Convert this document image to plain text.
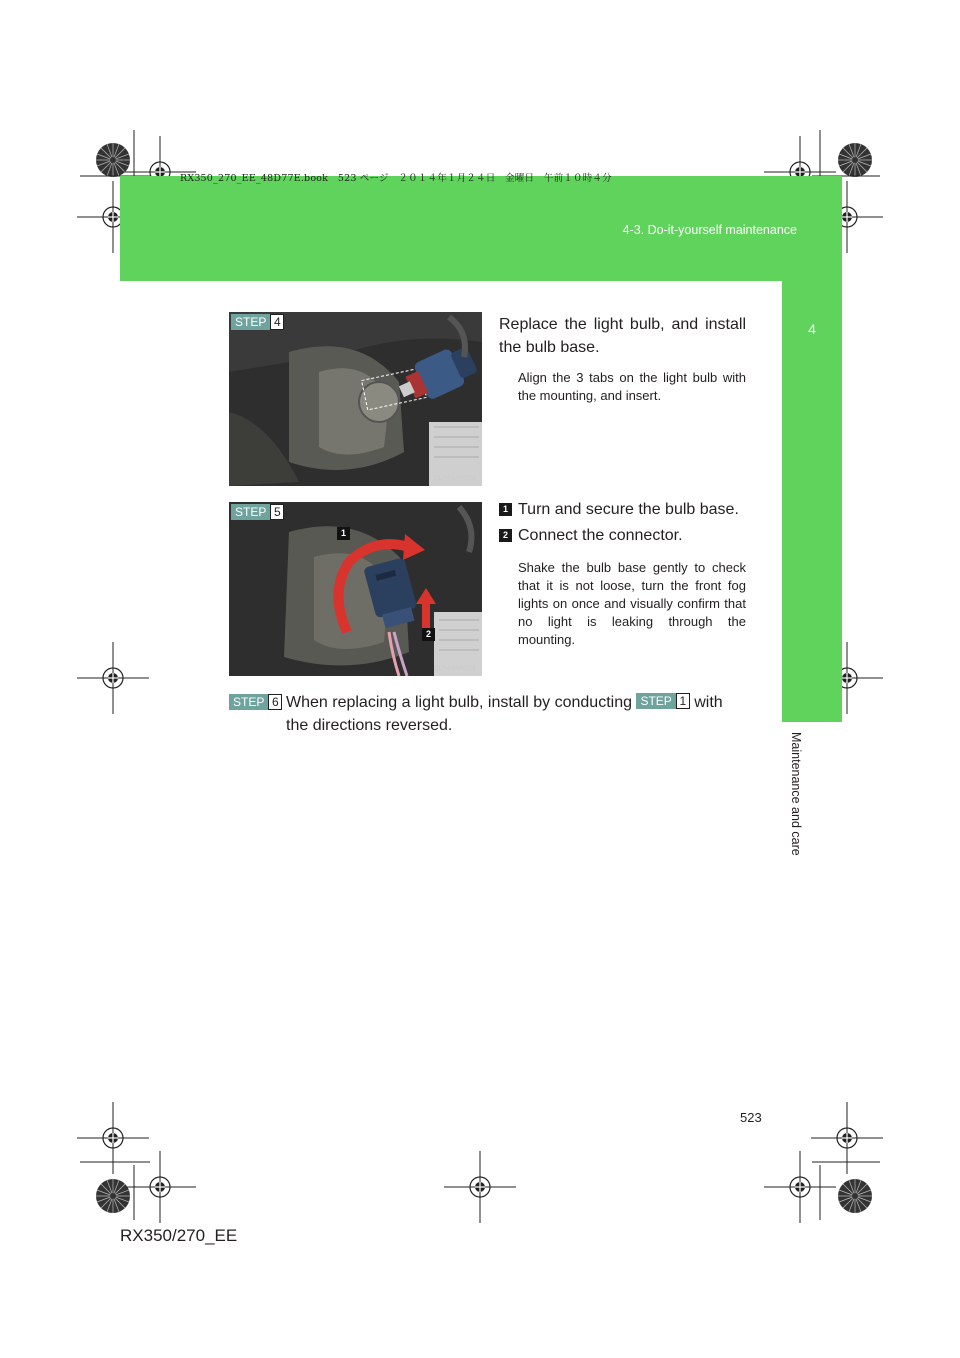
RX350_270_EE_48D77E.book　523 ページ　２０１４年１月２４日　金曜日　午前１０時４分
4-3. Do-it-yourself maintenance
4
Maintenance and care
STEP 4
CLY43AR023
Replace the light bulb, and install the bulb base.
Align the 3 tabs on the light bulb with the mounting, and insert.
1
2
STEP 5
CLY43AR024
1 Turn and secure the bulb base.
2 Connect the connector.
Shake the bulb base gently to check that it is not loose, turn the front fog lights on once and visually confirm that no light is leaking through the mounting.
STEP 6 When replacing a light bulb, install by conducting STEP 1 with the directions reversed.
523
RX350/270_EE
